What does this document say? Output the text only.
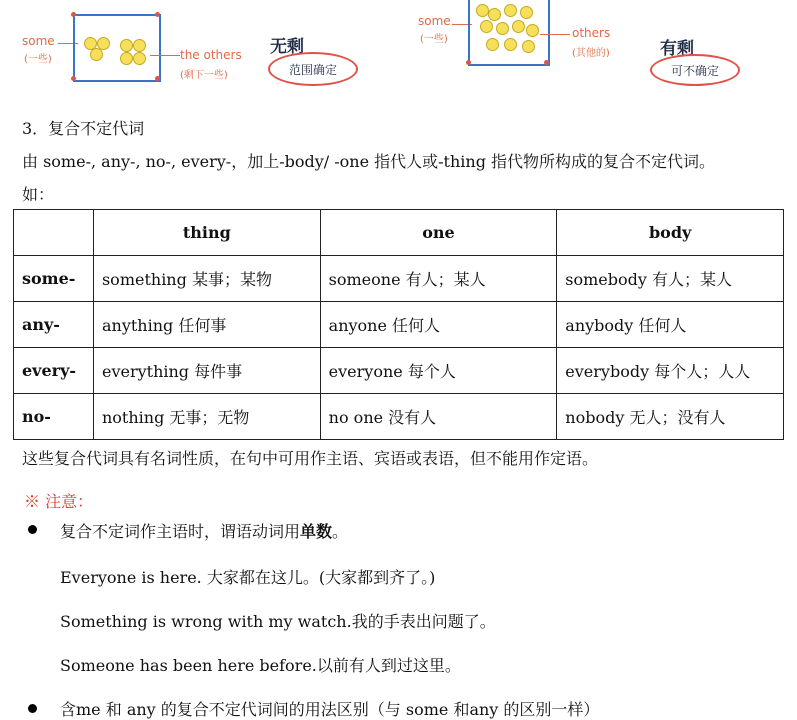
some
(一些)	the others
(剩下一些)
无剩
范围确定
some
(一些)	others
(其他的)	有剩
可不确定
3．复合不定代词
由 some-, any-, no-, every-，加上-body/ -one 指代人或-thing 指代物所构成的复合不定代词。
如：
	thing	one	body
some-	something 某事；某物	someone 有人；某人	somebody 有人；某人
any-	anything 任何事	anyone 任何人	anybody 任何人
every-	everything 每件事	everyone 每个人	everybody 每个人；人人
no-	nothing 无事；无物	no one 没有人	nobody 无人；没有人
这些复合代词具有名词性质，在句中可用作主语、宾语或表语，但不能用作定语。
※ 注意：
复合不定词作主语时，谓语动词用单数。
Everyone is here. 大家都在这儿。(大家都到齐了。)
Something is wrong with my watch.我的手表出问题了。
Someone has been here before.以前有人到过这里。
含me 和 any 的复合不定代词间的用法区别（与 some 和any 的区别一样）
